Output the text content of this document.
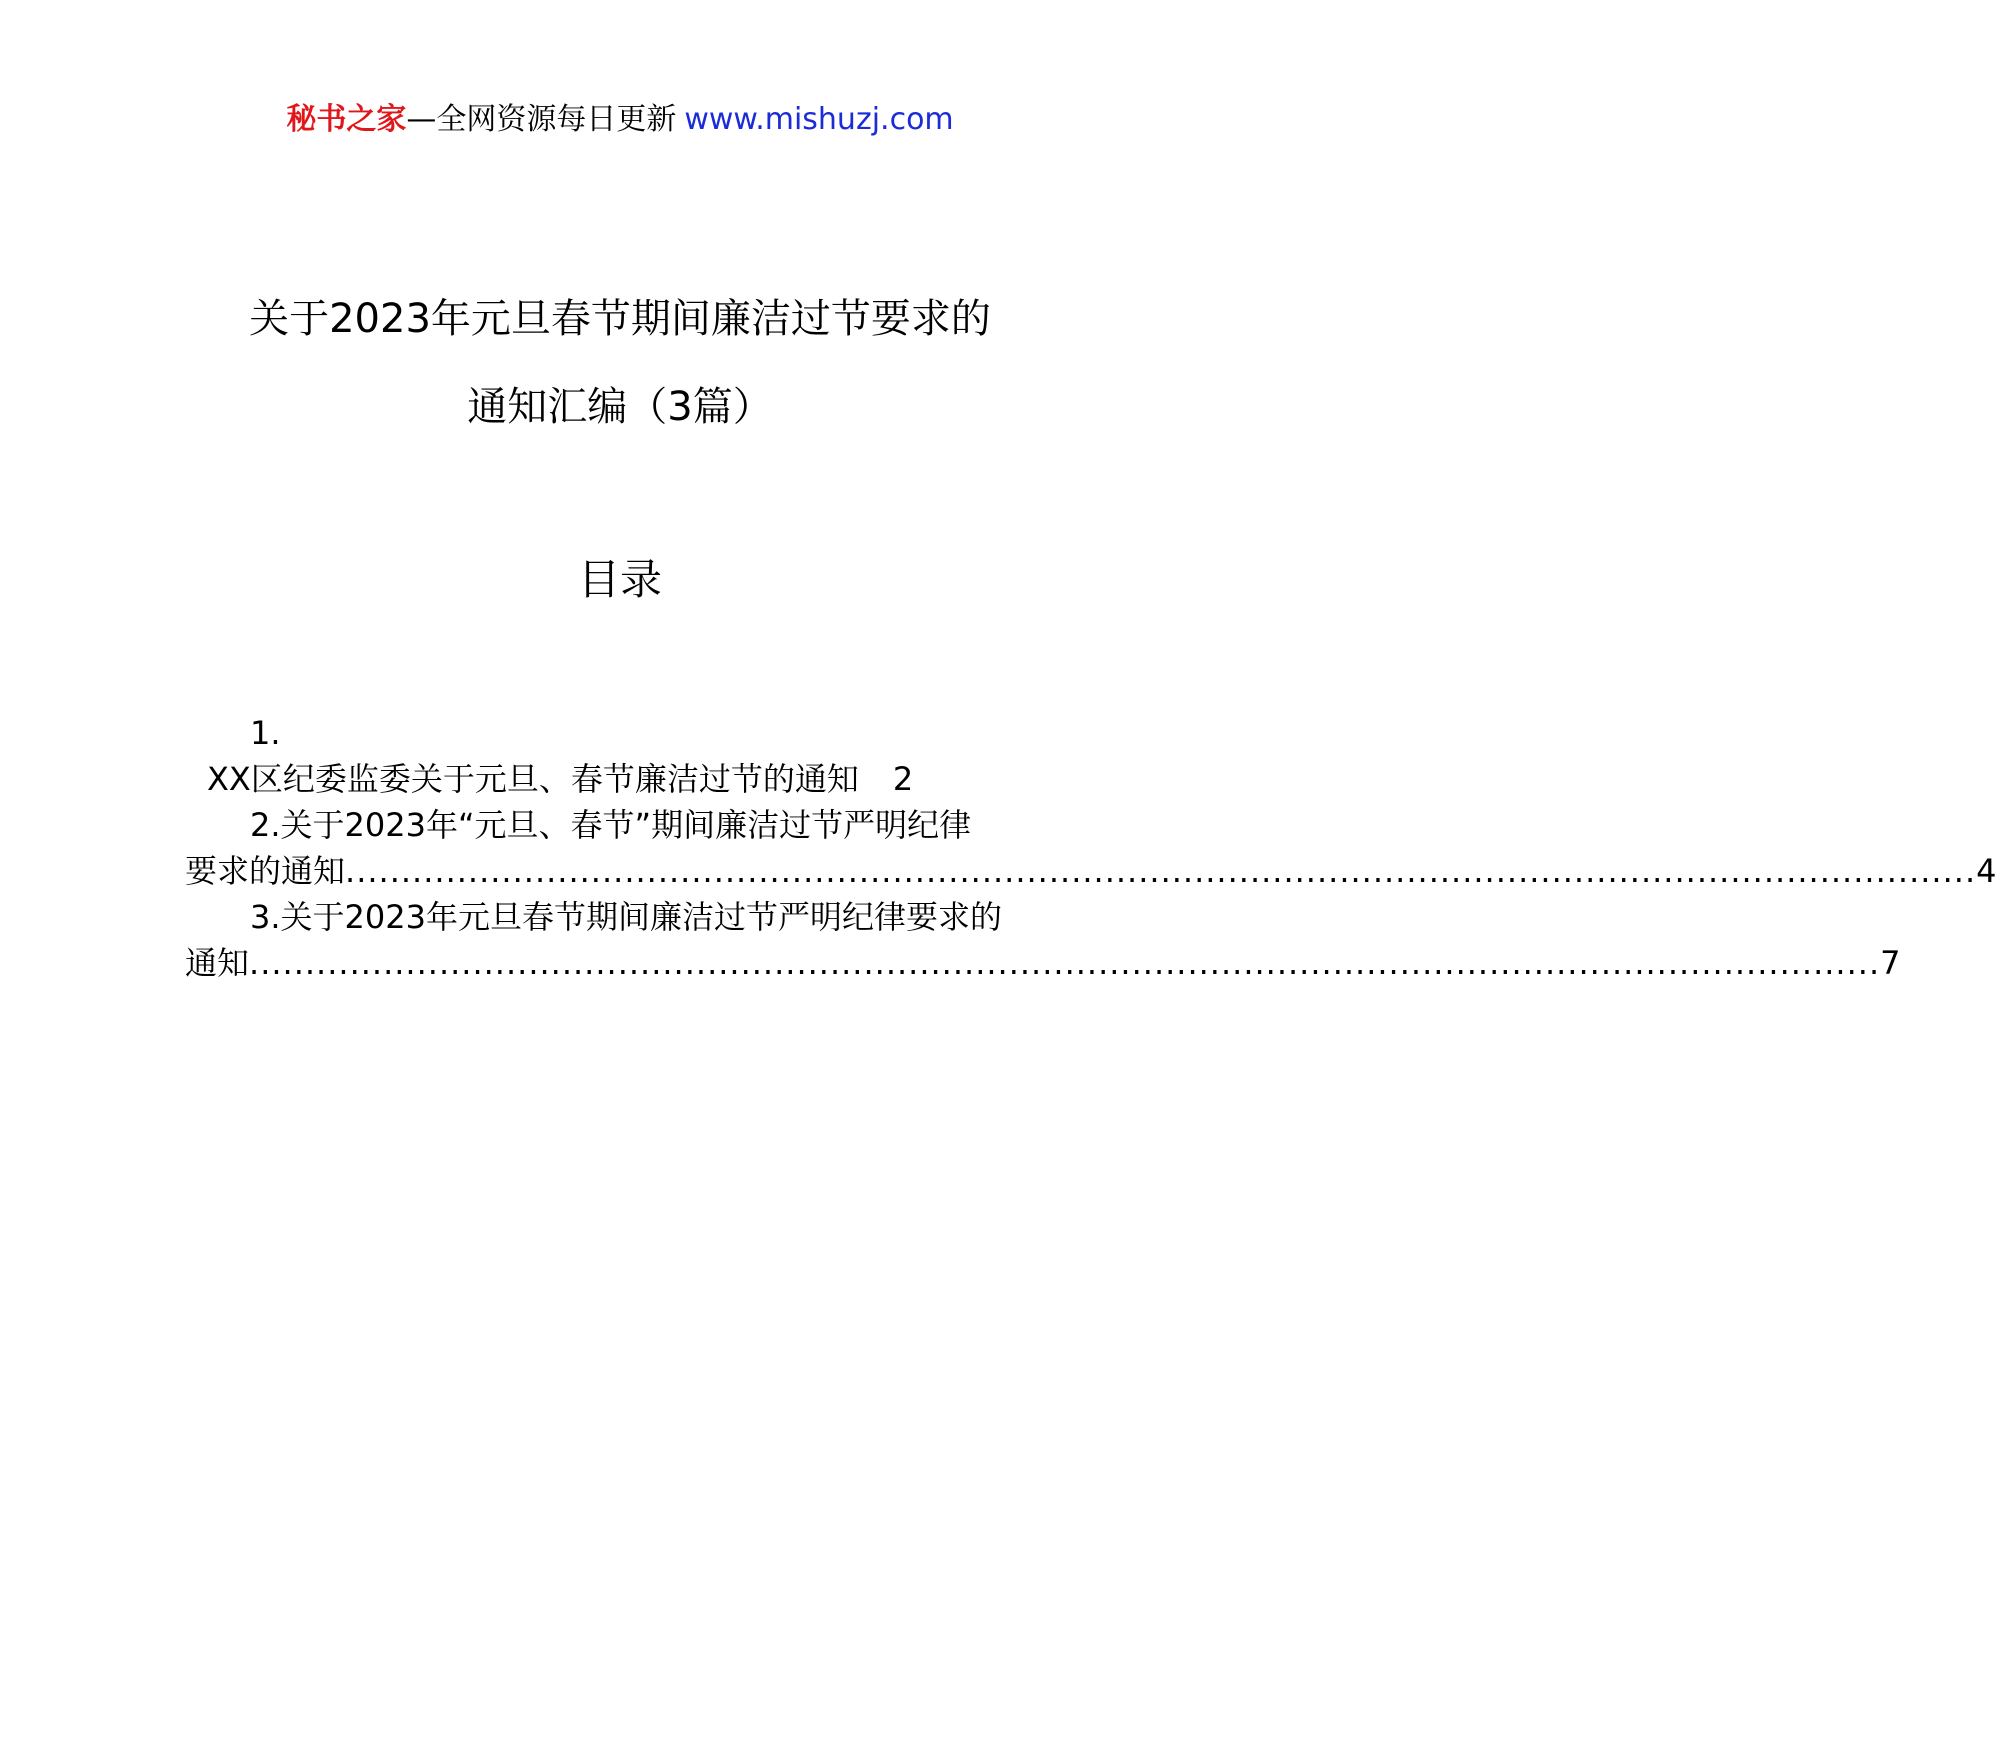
秘书之家—全网资源每日更新 www.mishuzj.com
关于2023年元旦春节期间廉洁过节要求的
通知汇编（3篇）
目录
1.
XX区纪委监委关于元旦、春节廉洁过节的通知 2
2.关于2023年“元旦、春节”期间廉洁过节严明纪律
要求的通知 .................................................................................................................................................. 4
3.关于2023年元旦春节期间廉洁过节严明纪律要求的
通知 .................................................................................................................................................. 7
